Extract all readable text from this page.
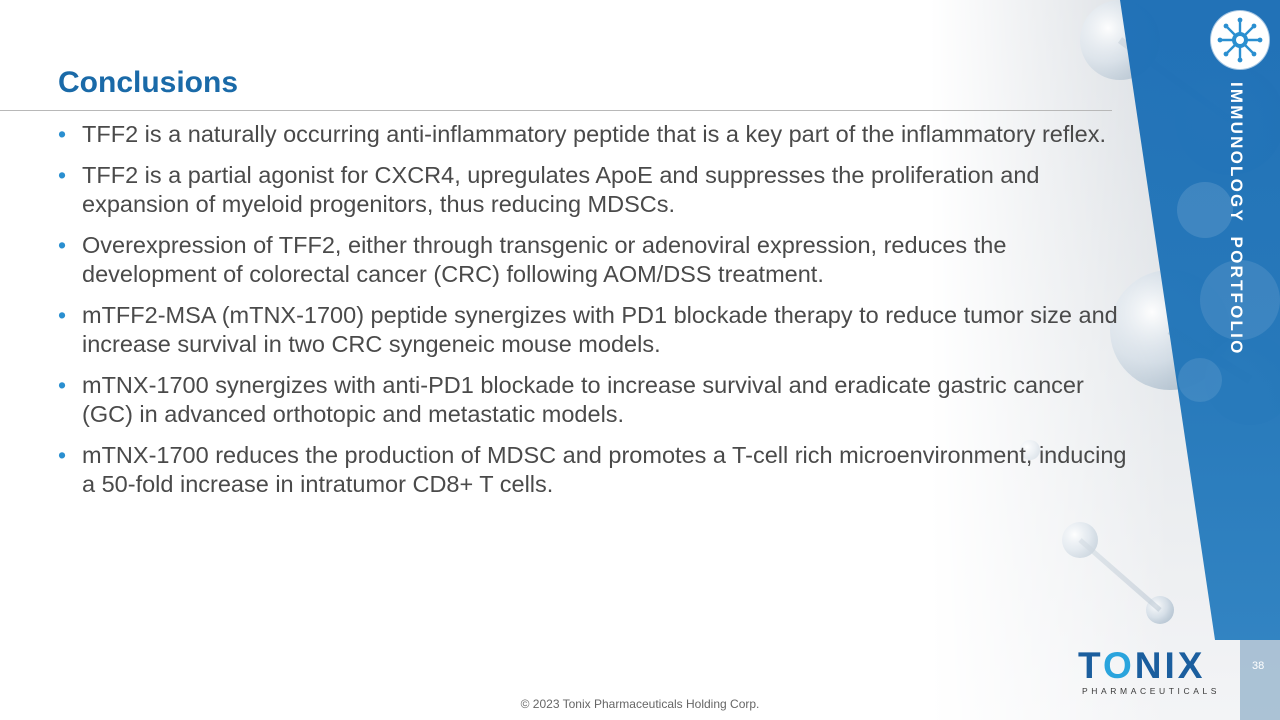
Conclusions
• TFF2 is a naturally occurring anti-inflammatory peptide that is a key part of the inflammatory reflex.
• TFF2 is a partial agonist for CXCR4, upregulates ApoE and suppresses the proliferation and expansion of myeloid progenitors, thus reducing MDSCs.
• Overexpression of TFF2, either through transgenic or adenoviral expression, reduces the development of colorectal cancer (CRC) following AOM/DSS treatment.
• mTFF2-MSA (mTNX-1700) peptide synergizes with PD1 blockade therapy to reduce tumor size and increase survival in two CRC syngeneic mouse models.
• mTNX-1700 synergizes with anti-PD1 blockade to increase survival and eradicate gastric cancer (GC) in advanced orthotopic and metastatic models.
• mTNX-1700 reduces the production of MDSC and promotes a T-cell rich microenvironment, inducing a 50-fold increase in intratumor CD8+ T cells.
IMMUNOLOGY  PORTFOLIO
TONIX
PHARMACEUTICALS
38
© 2023 Tonix Pharmaceuticals Holding Corp.
